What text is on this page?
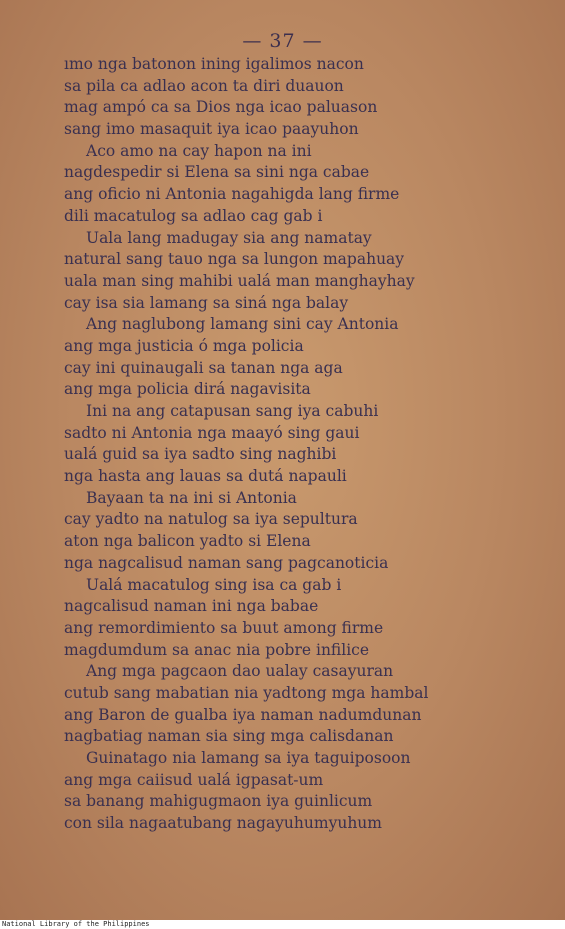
— 37 —
ımo nga batonon ining igalimos nacon
sa pila ca adlao acon ta diri duauon
mag ampó ca sa Dios nga icao paluason
sang imo masaquit iya icao paayuhon
Aco amo na cay hapon na ini
nagdespedir si Elena sa sini nga cabae
ang oficio ni Antonia nagahigda lang firme
dili macatulog sa adlao cag gab i
Uala lang madugay sia ang namatay
natural sang tauo nga sa lungon mapahuay
uala man sing mahibi ualá man manghayhay
cay isa sia lamang sa siná nga balay
Ang naglubong lamang sini cay Antonia
ang mga justicia ó mga policia
cay ini quinaugali sa tanan nga aga
ang mga policia dirá nagavisita
Ini na ang catapusan sang iya cabuhi
sadto ni Antonia nga maayó sing gaui
ualá guid sa iya sadto sing naghibi
nga hasta ang lauas sa dutá napauli
Bayaan ta na ini si Antonia
cay yadto na natulog sa iya sepultura
aton nga balicon yadto si Elena
nga nagcalisud naman sang pagcanoticia
Ualá macatulog sing isa ca gab i
nagcalisud naman ini nga babae
ang remordimiento sa buut among firme
magdumdum sa anac nia pobre infilice
Ang mga pagcaon dao ualay casayuran
cutub sang mabatian nia yadtong mga hambal
ang Baron de gualba iya naman nadumdunan
nagbatiag naman sia sing mga calisdanan
Guinatago nia lamang sa iya taguiposoon
ang mga caiisud ualá igpasat-um
sa banang mahigugmaon iya guinlicum
con sila nagaatubang nagayuhumyuhum
National Library of the Philippines
